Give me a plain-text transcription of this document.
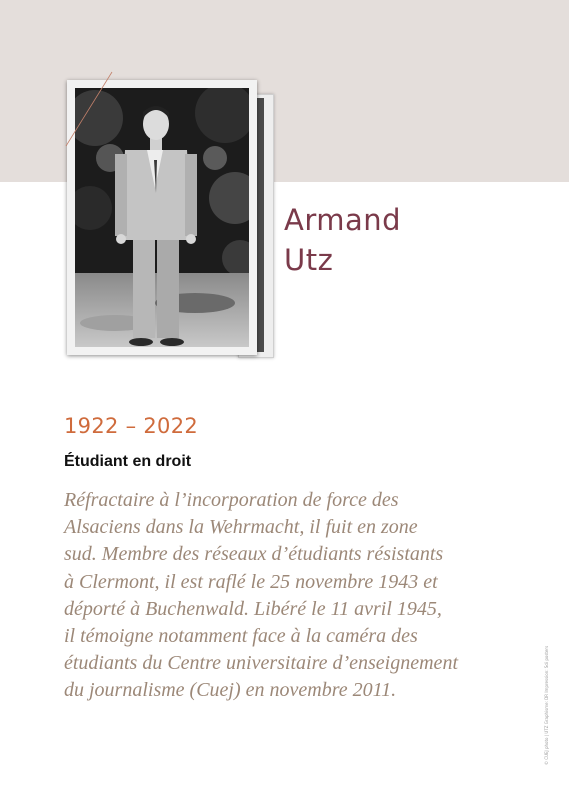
Armand
Utz
1922 – 2022
Étudiant en droit
Réfractaire à l’incorporation de force des
Alsaciens dans la Wehrmacht, il fuit en zone
sud. Membre des réseaux d’étudiants résistants
à Clermont, il est raflé le 25 novembre 1943 et
déporté à Buchenwald. Libéré le 11 avril 1945,
il témoigne notamment face à la caméra des
étudiants du Centre universitaire d’enseignement
du journalisme (Cuej) en novembre 2011.	© CUEJ photo | UTZ Graphisme: DR Impression: Sdi posters
